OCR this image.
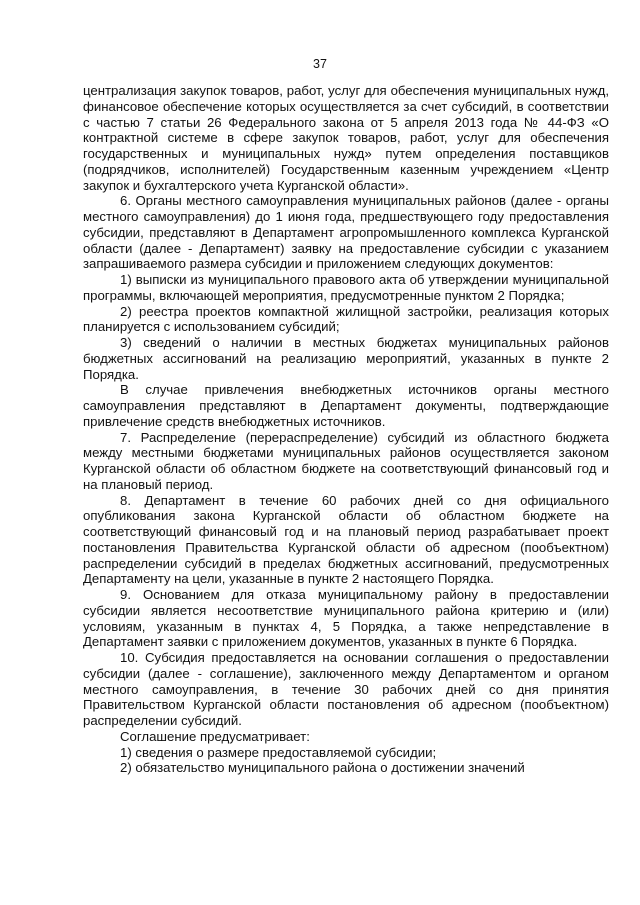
37

централизация закупок товаров, работ, услуг для обеспечения муниципальных нужд, финансовое обеспечение которых осуществляется за счет субсидий, в соответствии с частью 7 статьи 26 Федерального закона от 5 апреля 2013 года № 44-ФЗ «О контрактной системе в сфере закупок товаров, работ, услуг для обеспечения государственных и муниципальных нужд» путем определения поставщиков (подрядчиков, исполнителей) Государственным казенным учреждением «Центр закупок и бухгалтерского учета Курганской области».

6. Органы местного самоуправления муниципальных районов (далее - органы местного самоуправления) до 1 июня года, предшествующего году предоставления субсидии, представляют в Департамент агропромышленного комплекса Курганской области (далее - Департамент) заявку на предоставление субсидии с указанием запрашиваемого размера субсидии и приложением следующих документов:

1) выписки из муниципального правового акта об утверждении муниципальной программы, включающей мероприятия, предусмотренные пунктом 2 Порядка;

2) реестра проектов компактной жилищной застройки, реализация которых планируется с использованием субсидий;

3) сведений о наличии в местных бюджетах муниципальных районов бюджетных ассигнований на реализацию мероприятий, указанных в пункте 2 Порядка.

В случае привлечения внебюджетных источников органы местного самоуправления представляют в Департамент документы, подтверждающие привлечение средств внебюджетных источников.

7. Распределение (перераспределение) субсидий из областного бюджета между местными бюджетами муниципальных районов осуществляется законом Курганской области об областном бюджете на соответствующий финансовый год и на плановый период.

8. Департамент в течение 60 рабочих дней со дня официального опубликования закона Курганской области об областном бюджете на соответствующий финансовый год и на плановый период разрабатывает проект постановления Правительства Курганской области об адресном (пообъектном) распределении субсидий в пределах бюджетных ассигнований, предусмотренных Департаменту на цели, указанные в пункте 2 настоящего Порядка.

9. Основанием для отказа муниципальному району в предоставлении субсидии является несоответствие муниципального района критерию и (или) условиям, указанным в пунктах 4, 5 Порядка, а также непредставление в Департамент заявки с приложением документов, указанных в пункте 6 Порядка.

10. Субсидия предоставляется на основании соглашения о предоставлении субсидии (далее - соглашение), заключенного между Департаментом и органом местного самоуправления, в течение 30 рабочих дней со дня принятия Правительством Курганской области постановления об адресном (пообъектном) распределении субсидий.

Соглашение предусматривает:

1) сведения о размере предоставляемой субсидии;

2) обязательство муниципального района о достижении значений
